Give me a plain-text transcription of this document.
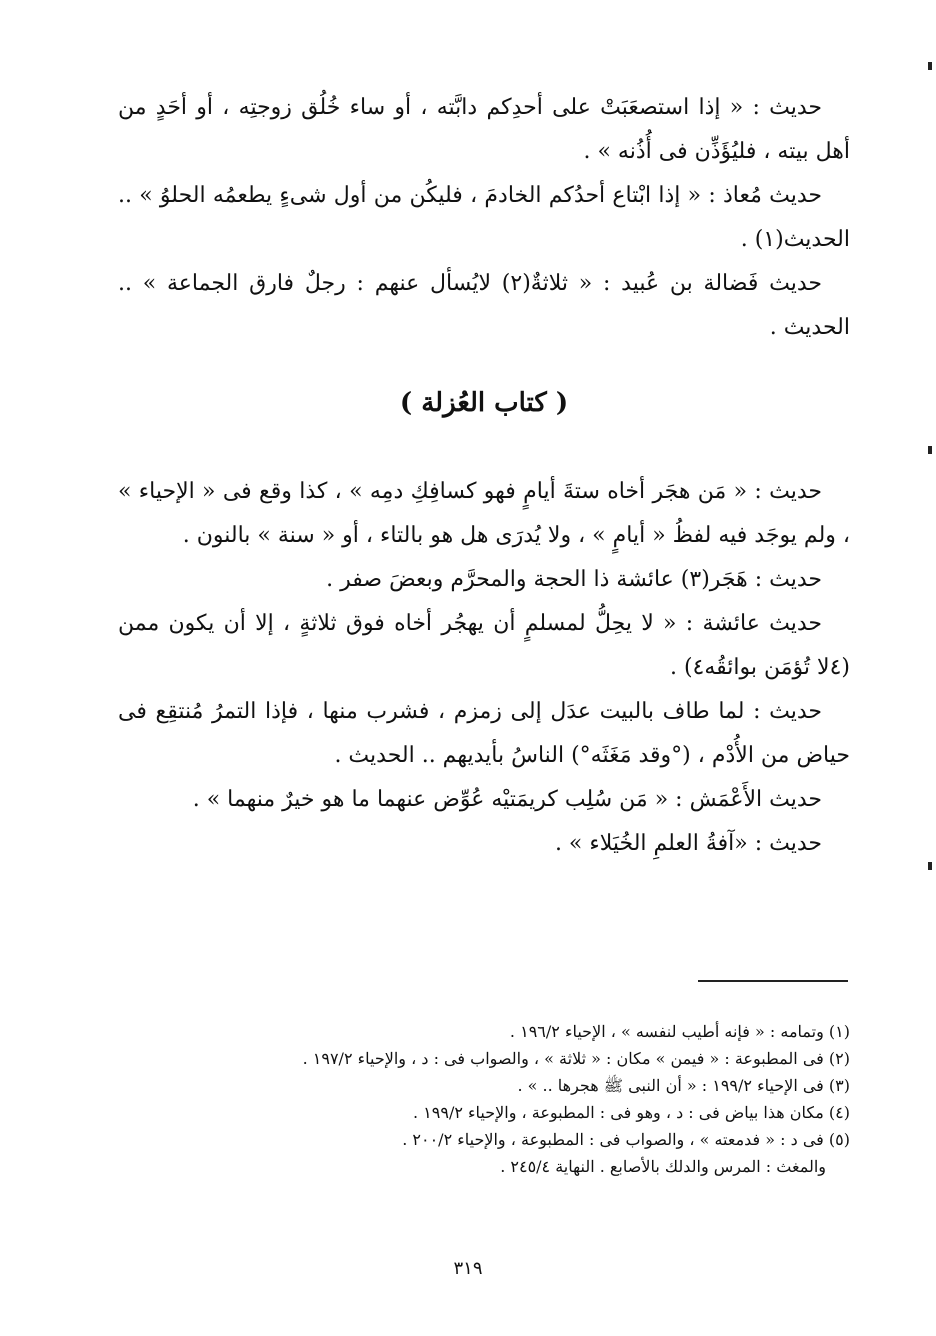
حديث : « إذا استصعَبَتْ على أحدِكم دابَّته ، أو ساء خُلُق زوجتِه ، أو أحَدٍ من أهل بيته ، فليُؤَذِّن فى أُذُنه » .

حديث مُعاذ : « إذا ابْتاع أحدُكم الخادمَ ، فليكُن من أول شىءٍ يطعمُه الحلوُ » .. الحديث(١) .

حديث فَضالة بن عُبيد : « ثلاثةٌ(٢) لايُسأل عنهم : رجلٌ فارق الجماعة » .. الحديث .

( كتاب العُزلة )

حديث : « مَن هجَر أخاه ستةَ أيامٍ فهو كسافِكِ دمِه » ، كذا وقع فى « الإحياء » ، ولم يوجَد فيه لفظُ « أيامٍ » ، ولا يُدرَى هل هو بالتاء ، أو « سنة » بالنون .

حديث : هَجَر(٣) عائشة ذا الحجة والمحرَّم وبعضَ صفر .

حديث عائشة : « لا يحِلُّ لمسلمٍ أن يهجُر أخاه فوق ثلاثةٍ ، إلا أن يكون ممن (٤لا تُؤمَن بوائقُه٤) .

حديث : لما طاف بالبيت عدَل إلى زمزم ، فشرب منها ، فإذا التمرُ مُنتقِع فى حياض من الأُدْم ، (°وقد مَغَثَه°) الناسُ بأيديهم .. الحديث .

حديث الأَعْمَش : « مَن سُلِب كريمَتيْه عُوِّض عنهما ما هو خيرٌ منهما » .

حديث : «آفةُ العلمِ الخُيَلاء » .

(١) وتمامه : « فإنه أطيب لنفسه » ، الإحياء ١٩٦/٢ .

(٢) فى المطبوعة : « فيمن » مكان : « ثلاثة » ، والصواب فى : د ، والإحياء ١٩٧/٢ .

(٣) فى الإحياء ١٩٩/٢ : « أن النبى ﷺ هجرها .. » .

(٤) مكان هذا بياض فى : د ، وهو فى : المطبوعة ، والإحياء ١٩٩/٢ .

(٥) فى د : « فدمعته » ، والصواب فى : المطبوعة ، والإحياء ٢٠٠/٢ .

والمغث : المرس والدلك بالأصابع . النهاية ٢٤٥/٤ .

٣١٩
